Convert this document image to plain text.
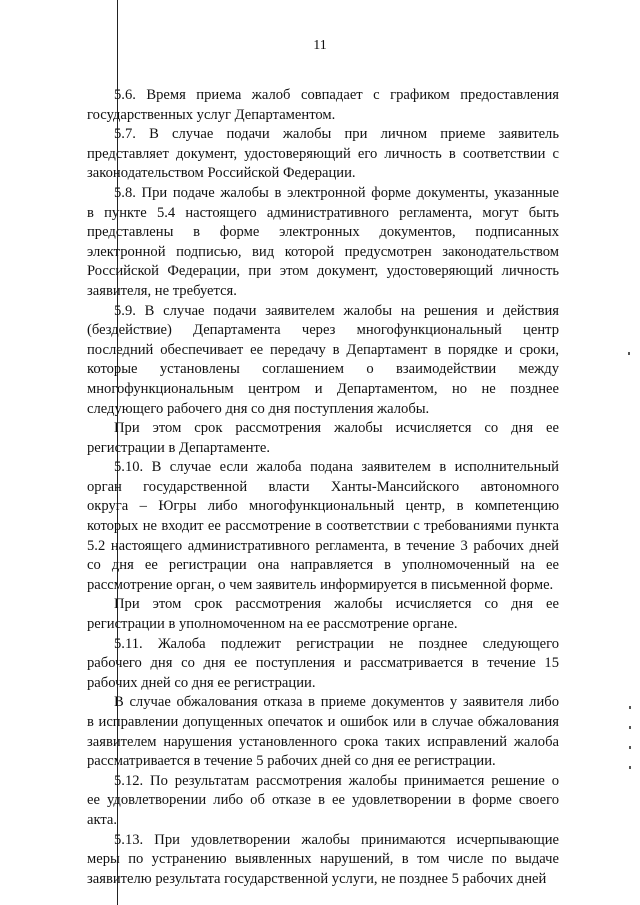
11
5.6. Время приема жалоб совпадает с графиком предоставления
государственных услуг Департаментом.
5.7. В случае подачи жалобы при личном приеме заявитель
представляет документ, удостоверяющий его личность в соответствии с
законодательством Российской Федерации.
5.8. При подаче жалобы в электронной форме документы, указанные
в пункте 5.4 настоящего административного регламента, могут быть
представлены в форме электронных документов, подписанных
электронной подписью, вид которой предусмотрен законодательством
Российской Федерации, при этом документ, удостоверяющий личность
заявителя, не требуется.
5.9. В случае подачи заявителем жалобы на решения и действия
(бездействие) Департамента через многофункциональный центр
последний обеспечивает ее передачу в Департамент в порядке и сроки,
которые установлены соглашением о взаимодействии между
многофункциональным центром и Департаментом, но не позднее
следующего рабочего дня со дня поступления жалобы.
При этом срок рассмотрения жалобы исчисляется со дня ее
регистрации в Департаменте.
5.10. В случае если жалоба подана заявителем в исполнительный
орган государственной власти Ханты-Мансийского автономного
округа – Югры либо многофункциональный центр, в компетенцию
которых не входит ее рассмотрение в соответствии с требованиями пункта
5.2 настоящего административного регламента, в течение 3 рабочих дней
со дня ее регистрации она направляется в уполномоченный на ее
рассмотрение орган, о чем заявитель информируется в письменной форме.
При этом срок рассмотрения жалобы исчисляется со дня ее
регистрации в уполномоченном на ее рассмотрение органе.
5.11. Жалоба подлежит регистрации не позднее следующего
рабочего дня со дня ее поступления и рассматривается в течение 15
рабочих дней со дня ее регистрации.
В случае обжалования отказа в приеме документов у заявителя либо
в исправлении допущенных опечаток и ошибок или в случае обжалования
заявителем нарушения установленного срока таких исправлений жалоба
рассматривается в течение 5 рабочих дней со дня ее регистрации.
5.12. По результатам рассмотрения жалобы принимается решение о
ее удовлетворении либо об отказе в ее удовлетворении в форме своего
акта.
5.13. При удовлетворении жалобы принимаются исчерпывающие
меры по устранению выявленных нарушений, в том числе по выдаче
заявителю результата государственной услуги, не позднее 5 рабочих дней
